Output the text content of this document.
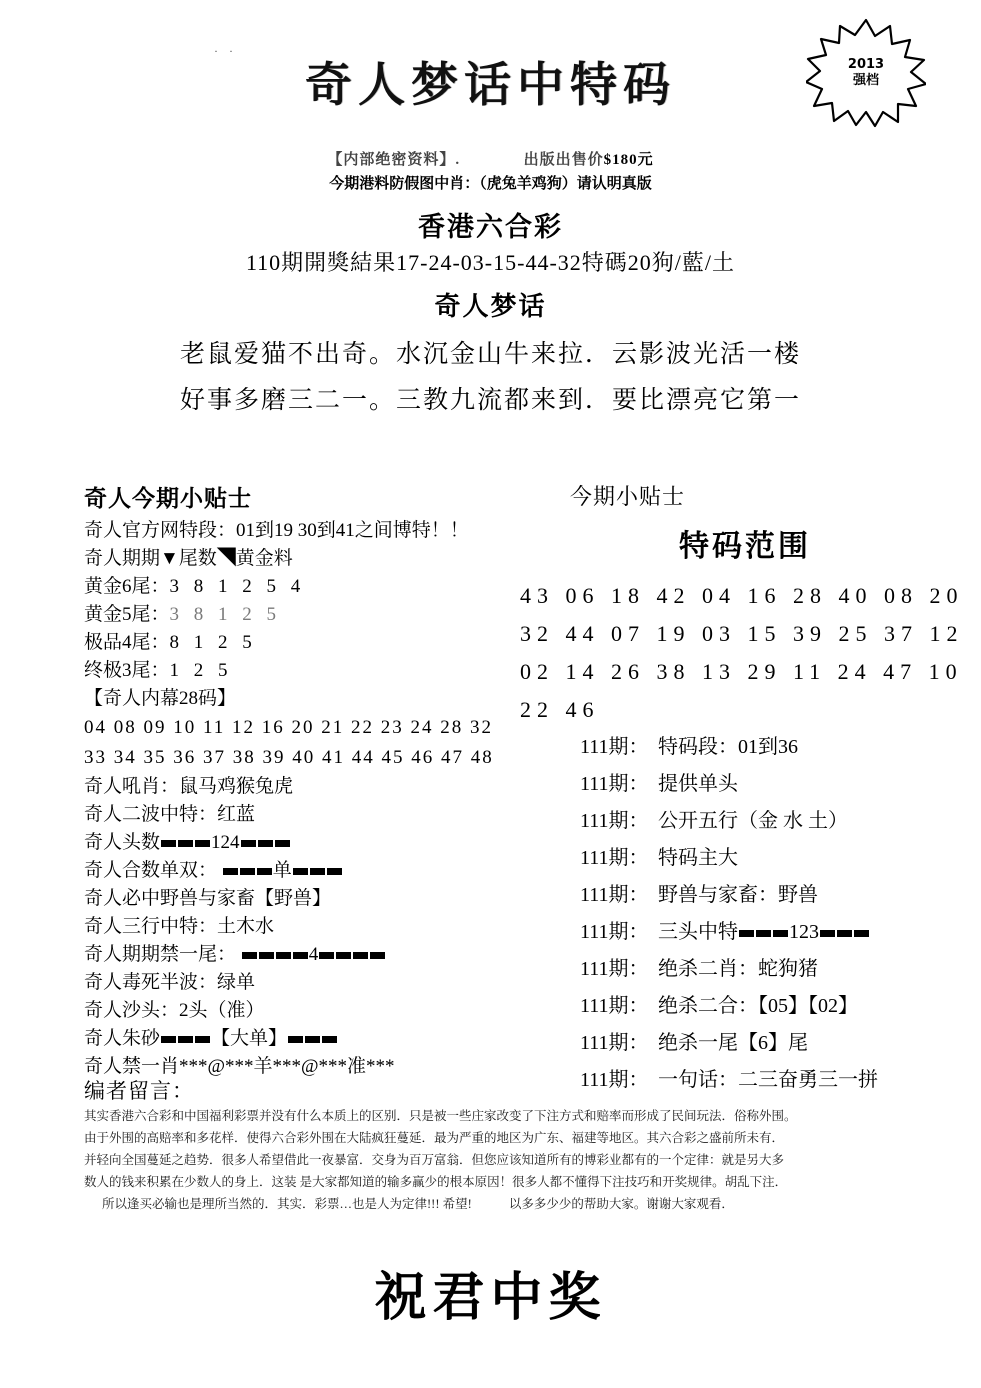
· ·
奇人梦话中特码	2013
强档
【内部绝密资料】.	出版出售价$180元
今期港料防假图中肖：（虎兔羊鸡狗）请认明真版
香港六合彩
110期開獎結果17-24-03-15-44-32特碼20狗/藍/土
奇人梦话
老鼠爱猫不出奇。水沉金山牛来拉．云影波光活一楼
好事多磨三二一。三教九流都来到．要比漂亮它第一
奇人今期小贴士
奇人官方网特段：01到19 30到41之间博特！！
奇人期期▼尾数◥黄金料
黄金6尾：3 8 1 2 5 4
黄金5尾：3 8 1 2 5
极品4尾：8 1 2 5
终极3尾：1 2 5
【奇人内幕28码】
04 08 09 10 11 12 16 20 21 22 23 24 28 32
33 34 35 36 37 38 39 40 41 44 45 46 47 48
奇人吼肖：鼠马鸡猴兔虎
奇人二波中特：红蓝
奇人头数	124
奇人合数单双：	单
奇人必中野兽与家畜【野兽】
奇人三行中特：土木水
奇人期期禁一尾：	4
奇人毒死半波：绿单
奇人沙头：2头（准）
奇人朱砂	【大单】
奇人禁一肖***@***羊***@***准***
今期小贴士
特码范围
43 06 18 42 04 16 28 40 08 20
32 44 07 19 03 15 39 25 37 12
02 14 26 38 13 29 11 24 47 10
22 46
111期： 特码段：01到36
111期： 提供单头
111期： 公开五行（金 水 土）
111期： 特码主大
111期： 野兽与家畜：野兽
111期： 三头中特	123
111期： 绝杀二肖：蛇狗猪
111期： 绝杀二合：【05】【02】
111期： 绝杀一尾【6】尾
111期： 一句话：二三奋勇三一拼
编者留言：

其实香港六合彩和中国福利彩票并没有什么本质上的区别．只是被一些庄家改变了下注方式和赔率而形成了民间玩法．俗称外围。

由于外围的高赔率和多花样．使得六合彩外围在大陆疯狂蔓延．最为严重的地区为广东、福建等地区。其六合彩之盛前所未有．

并轻向全国蔓延之趋势．很多人希望借此一夜暴富．交身为百万富翁．但您应该知道所有的博彩业都有的一个定律：就是另大多

数人的钱来积累在少数人的身上．这装 是大家都知道的输多赢少的根本原因！很多人都不懂得下注技巧和开奖规律。胡乱下注．

所以逢买必输也是理所当然的．其实．彩票…也是人为定律!!! 希望!	以多多少少的帮助大家。谢谢大家观看．

祝君中奖
